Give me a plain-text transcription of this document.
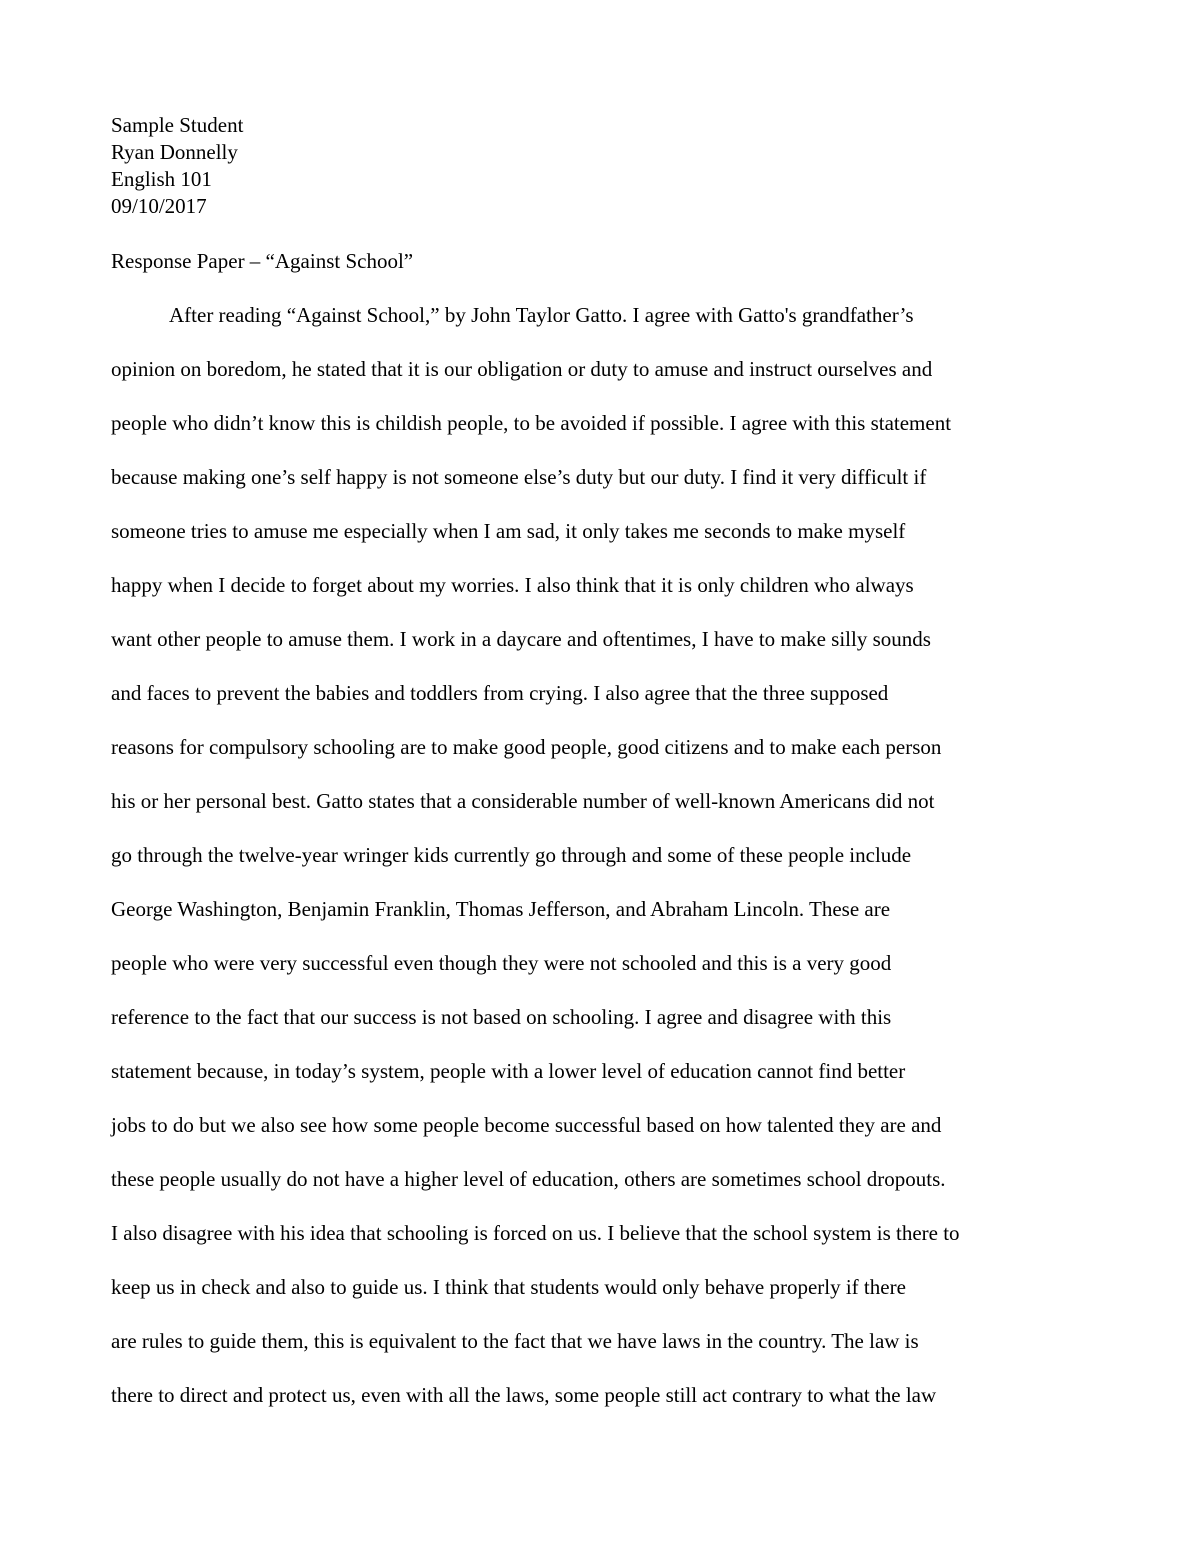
Sample Student
Ryan Donnelly
English 101
09/10/2017
Response Paper – “Against School”
After reading “Against School,” by John Taylor Gatto. I agree with Gatto's grandfather’s
opinion on boredom, he stated that it is our obligation or duty to amuse and instruct ourselves and
people who didn’t know this is childish people, to be avoided if possible. I agree with this statement
because making one’s self happy is not someone else’s duty but our duty. I find it very difficult if
someone tries to amuse me especially when I am sad, it only takes me seconds to make myself
happy when I decide to forget about my worries. I also think that it is only children who always
want other people to amuse them. I work in a daycare and oftentimes, I have to make silly sounds
and faces to prevent the babies and toddlers from crying. I also agree that the three supposed
reasons for compulsory schooling are to make good people, good citizens and to make each person
his or her personal best. Gatto states that a considerable number of well-known Americans did not
go through the twelve-year wringer kids currently go through and some of these people include
George Washington, Benjamin Franklin, Thomas Jefferson, and Abraham Lincoln. These are
people who were very successful even though they were not schooled and this is a very good
reference to the fact that our success is not based on schooling. I agree and disagree with this
statement because, in today’s system, people with a lower level of education cannot find better
jobs to do but we also see how some people become successful based on how talented they are and
these people usually do not have a higher level of education, others are sometimes school dropouts.
I also disagree with his idea that schooling is forced on us. I believe that the school system is there to
keep us in check and also to guide us. I think that students would only behave properly if there
are rules to guide them, this is equivalent to the fact that we have laws in the country. The law is
there to direct and protect us, even with all the laws, some people still act contrary to what the law
